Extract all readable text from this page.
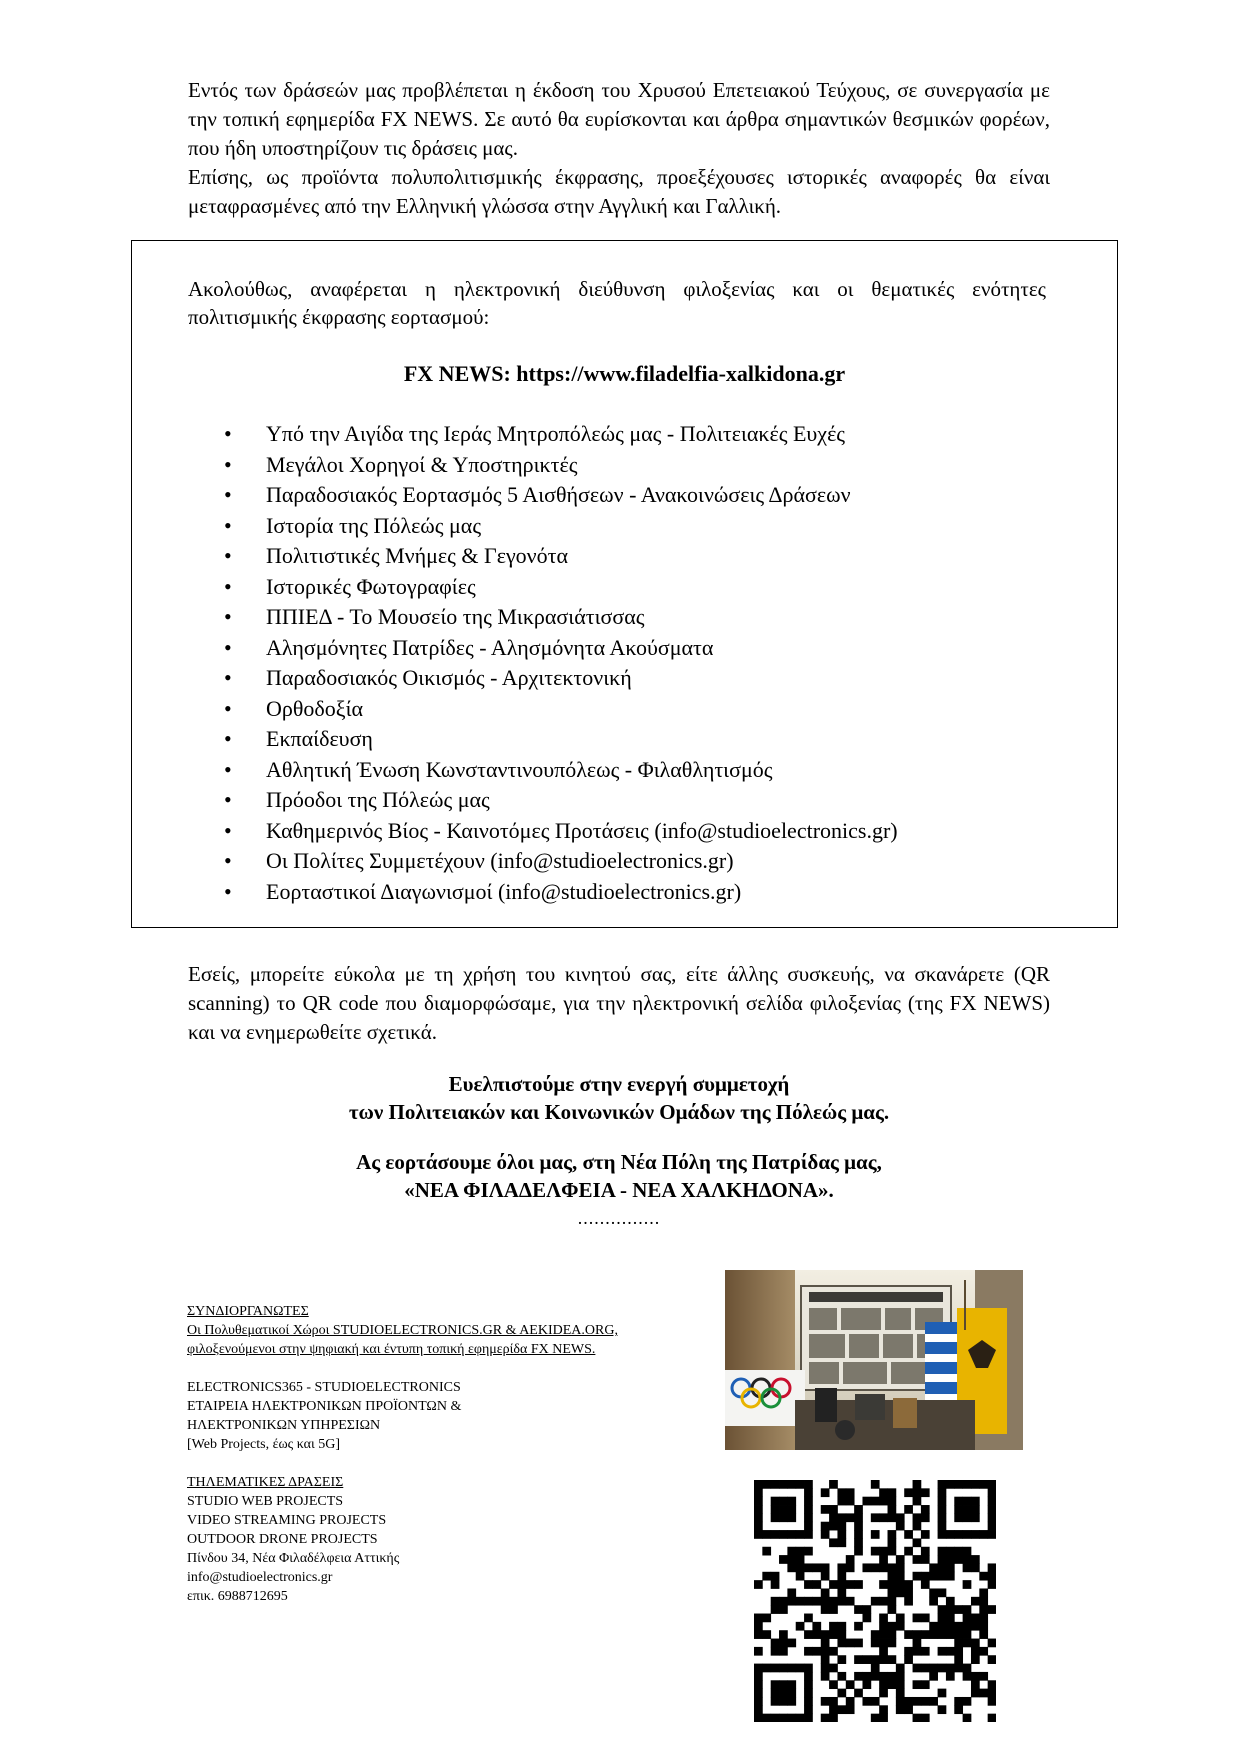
Εντός των δράσεών μας προβλέπεται η έκδοση του Χρυσού Επετειακού Τεύχους, σε συνεργασία με την τοπική εφημερίδα FX NEWS. Σε αυτό θα ευρίσκονται και άρθρα σημαντικών θεσμικών φορέων, που ήδη υποστηρίζουν τις δράσεις μας.

Επίσης, ως προϊόντα πολυπολιτισμικής έκφρασης, προεξέχουσες ιστορικές αναφορές θα είναι μεταφρασμένες από την Ελληνική γλώσσα στην Αγγλική και Γαλλική.

Ακολούθως, αναφέρεται η ηλεκτρονική διεύθυνση φιλοξενίας και οι θεματικές ενότητες πολιτισμικής έκφρασης εορτασμού:
FX NEWS: https://www.filadelfia-xalkidona.gr
• Υπό την Αιγίδα της Ιεράς Μητροπόλεώς μας - Πολιτειακές Ευχές
• Μεγάλοι Χορηγοί & Υποστηρικτές
• Παραδοσιακός Εορτασμός 5 Αισθήσεων - Ανακοινώσεις Δράσεων
• Ιστορία της Πόλεώς μας
• Πολιτιστικές Μνήμες & Γεγονότα
• Ιστορικές Φωτογραφίες
• ΠΠΙΕΔ - Το Μουσείο της Μικρασιάτισσας
• Αλησμόνητες Πατρίδες - Αλησμόνητα Ακούσματα
• Παραδοσιακός Οικισμός - Αρχιτεκτονική
• Ορθοδοξία
• Εκπαίδευση
• Αθλητική Ένωση Κωνσταντινουπόλεως - Φιλαθλητισμός
• Πρόοδοι της Πόλεώς μας
• Καθημερινός Βίος - Καινοτόμες Προτάσεις (info@studioelectronics.gr)
• Οι Πολίτες Συμμετέχουν (info@studioelectronics.gr)
• Εορταστικοί Διαγωνισμοί (info@studioelectronics.gr)
Εσείς, μπορείτε εύκολα με τη χρήση του κινητού σας, είτε άλλης συσκευής, να σκανάρετε (QR scanning) το QR code που διαμορφώσαμε, για την ηλεκτρονική σελίδα φιλοξενίας (της FX NEWS) και να ενημερωθείτε σχετικά.

Ευελπιστούμε στην ενεργή συμμετοχή

των Πολιτειακών και Κοινωνικών Ομάδων της Πόλεώς μας.

Ας εορτάσουμε όλοι μας, στη Νέα Πόλη της Πατρίδας μας,

«ΝΕΑ ΦΙΛΑΔΕΛΦΕΙΑ - ΝΕΑ ΧΑΛΚΗΔΟΝΑ».

...............
ΣΥΝΔΙΟΡΓΑΝΩΤΕΣ
Οι Πολυθεματικοί Χώροι STUDIOELECTRONICS.GR & AEKIDEA.ORG,
φιλοξενούμενοι στην ψηφιακή και έντυπη τοπική εφημερίδα FX NEWS.
ELECTRONICS365 - STUDIOELECTRONICS
ΕΤΑΙΡΕΙΑ ΗΛΕΚΤΡΟΝΙΚΩΝ ΠΡΟΪΟΝΤΩΝ &
ΗΛΕΚΤΡΟΝΙΚΩΝ ΥΠΗΡΕΣΙΩΝ
[Web Projects, έως και 5G]
ΤΗΛΕΜΑΤΙΚΕΣ ΔΡΑΣΕΙΣ
STUDIO WEB PROJECTS
VIDEO STREAMING PROJECTS
OUTDOOR DRONE PROJECTS
Πίνδου 34, Νέα Φιλαδέλφεια Αττικής
info@studioelectronics.gr
επικ. 6988712695
